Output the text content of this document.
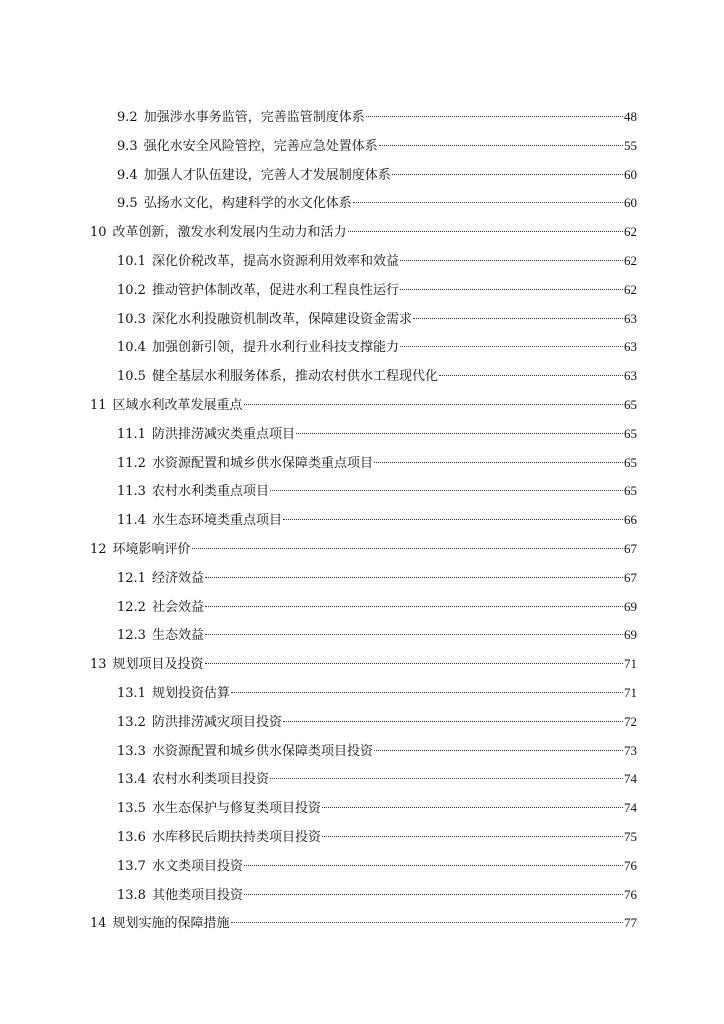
9.2 加强涉水事务监管，完善监管制度体系	48
9.3 强化水安全风险管控，完善应急处置体系	55
9.4 加强人才队伍建设，完善人才发展制度体系	60
9.5 弘扬水文化，构建科学的水文化体系	60
10 改革创新，激发水利发展内生动力和活力	62
10.1 深化价税改革，提高水资源利用效率和效益	62
10.2 推动管护体制改革，促进水利工程良性运行	62
10.3 深化水利投融资机制改革，保障建设资金需求	63
10.4 加强创新引领，提升水利行业科技支撑能力	63
10.5 健全基层水利服务体系，推动农村供水工程现代化	63
11 区域水利改革发展重点	65
11.1 防洪排涝减灾类重点项目	65
11.2 水资源配置和城乡供水保障类重点项目	65
11.3 农村水利类重点项目	65
11.4 水生态环境类重点项目	66
12 环境影响评价	67
12.1 经济效益	67
12.2 社会效益	69
12.3 生态效益	69
13 规划项目及投资	71
13.1 规划投资估算	71
13.2 防洪排涝减灾项目投资	72
13.3 水资源配置和城乡供水保障类项目投资	73
13.4 农村水利类项目投资	74
13.5 水生态保护与修复类项目投资	74
13.6 水库移民后期扶持类项目投资	75
13.7 水文类项目投资	76
13.8 其他类项目投资	76
14 规划实施的保障措施	77
